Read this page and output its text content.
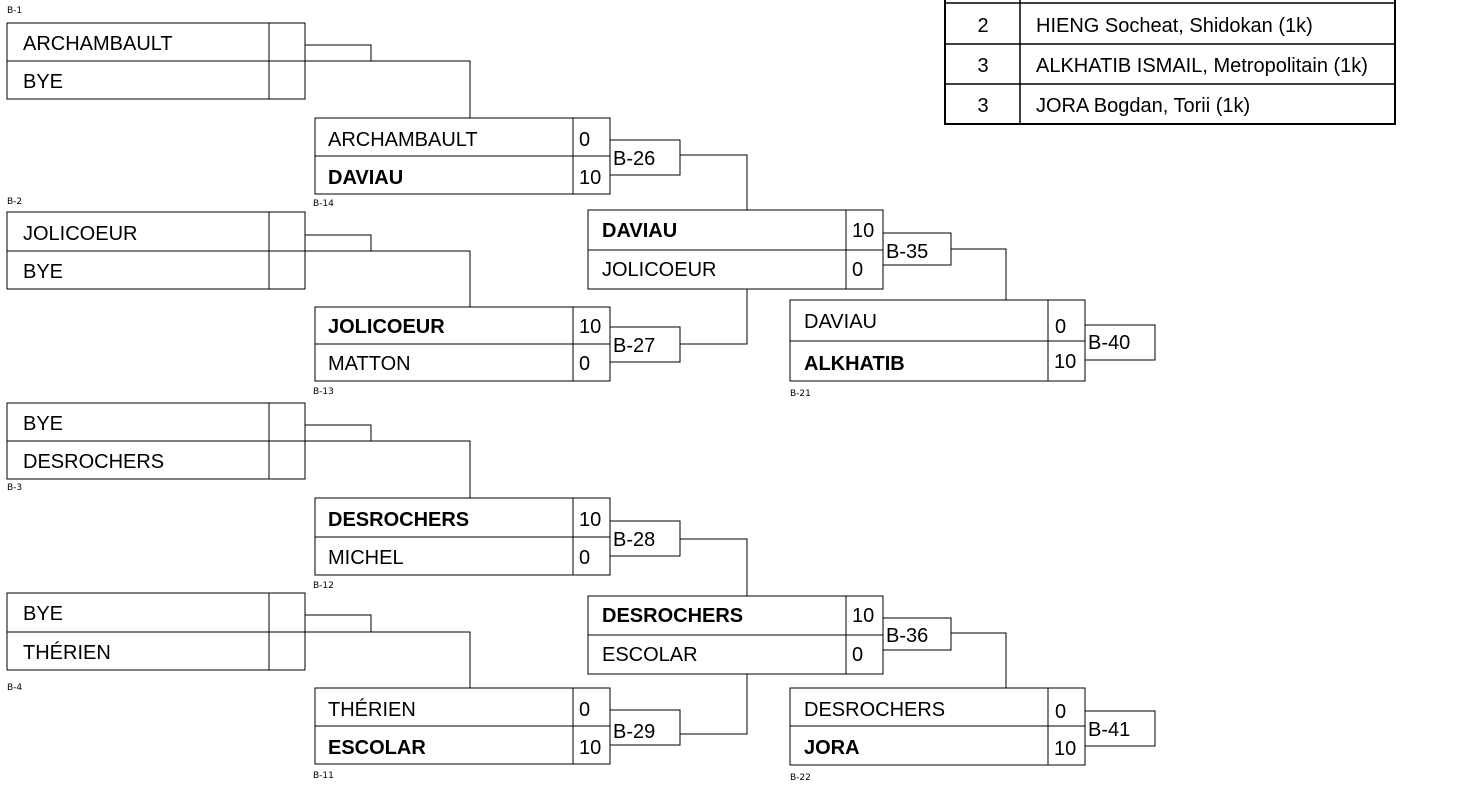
2 HIENG Socheat, Shidokan (1k)
3 ALKHATIB ISMAIL, Metropolitain (1k)
3 JORA Bogdan, Torii (1k)
B-1
ARCHAMBAULT
BYE
B-2
JOLICOEUR
BYE
B-3
BYE
DESROCHERS
B-4
BYE
THÉRIEN
ARCHAMBAULT	0
DAVIAU	10
B-26
B-14
JOLICOEUR	10
MATTON	0
B-27
B-13
DESROCHERS	10
MICHEL	0
B-28
B-12
THÉRIEN	0
ESCOLAR	10
B-29
B-11
DAVIAU	10
JOLICOEUR	0
B-35
DESROCHERS	10
ESCOLAR	0
B-36
DAVIAU	0
ALKHATIB	10
B-40
B-21
DESROCHERS	0
JORA	10
B-41
B-22
